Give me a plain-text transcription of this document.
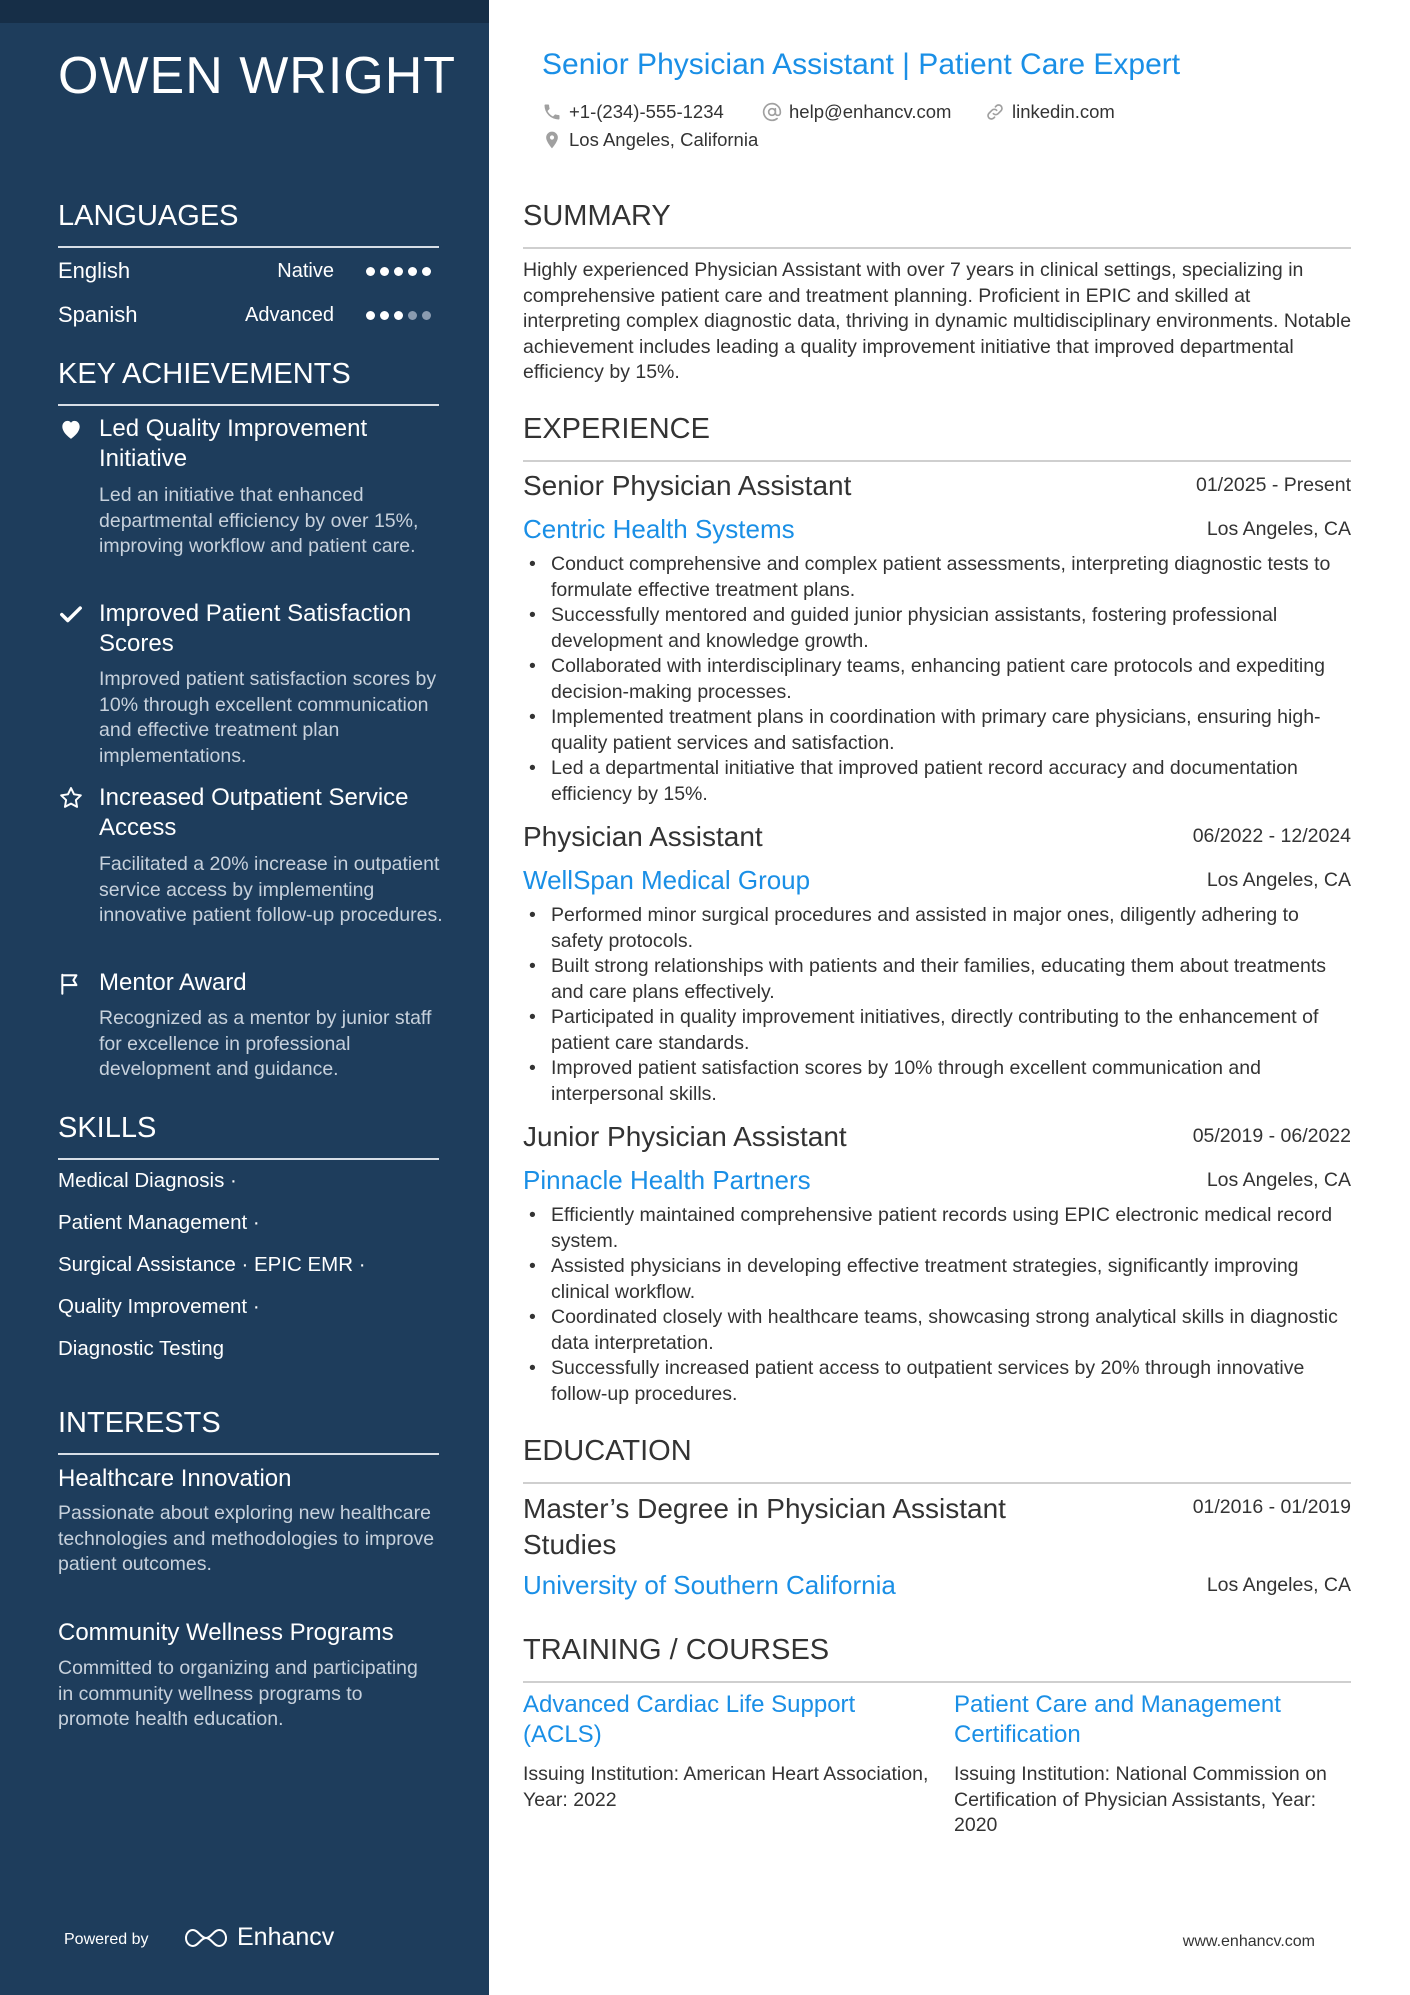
OWEN WRIGHT
LANGUAGES
English	Native
Spanish	Advanced
KEY ACHIEVEMENTS
Led Quality Improvement Initiative
Led an initiative that enhanced departmental efficiency by over 15%, improving workflow and patient care.
Improved Patient Satisfaction Scores
Improved patient satisfaction scores by 10% through excellent communication and effective treatment plan implementations.
Increased Outpatient Service Access
Facilitated a 20% increase in outpatient service access by implementing innovative patient follow-up procedures.
Mentor Award
Recognized as a mentor by junior staff for excellence in professional development and guidance.
SKILLS
Medical Diagnosis ·
Patient Management ·
Surgical Assistance · EPIC EMR ·
Quality Improvement ·
Diagnostic Testing
INTERESTS
Healthcare Innovation
Passionate about exploring new healthcare technologies and methodologies to improve patient outcomes.
Community Wellness Programs
Committed to organizing and participating in community wellness programs to promote health education.
Powered by	Enhancv
Senior Physician Assistant | Patient Care Expert
+1-(234)-555-1234	help@enhancv.com	linkedin.com
Los Angeles, California
SUMMARY
Highly experienced Physician Assistant with over 7 years in clinical settings, specializing in comprehensive patient care and treatment planning. Proficient in EPIC and skilled at interpreting complex diagnostic data, thriving in dynamic multidisciplinary environments. Notable achievement includes leading a quality improvement initiative that improved departmental efficiency by 15%.
EXPERIENCE
Senior Physician Assistant	01/2025 - Present
Centric Health Systems	Los Angeles, CA
• Conduct comprehensive and complex patient assessments, interpreting diagnostic tests to formulate effective treatment plans.
• Successfully mentored and guided junior physician assistants, fostering professional development and knowledge growth.
• Collaborated with interdisciplinary teams, enhancing patient care protocols and expediting decision-making processes.
• Implemented treatment plans in coordination with primary care physicians, ensuring high-quality patient services and satisfaction.
• Led a departmental initiative that improved patient record accuracy and documentation efficiency by 15%.
Physician Assistant	06/2022 - 12/2024
WellSpan Medical Group	Los Angeles, CA
• Performed minor surgical procedures and assisted in major ones, diligently adhering to safety protocols.
• Built strong relationships with patients and their families, educating them about treatments and care plans effectively.
• Participated in quality improvement initiatives, directly contributing to the enhancement of patient care standards.
• Improved patient satisfaction scores by 10% through excellent communication and interpersonal skills.
Junior Physician Assistant	05/2019 - 06/2022
Pinnacle Health Partners	Los Angeles, CA
• Efficiently maintained comprehensive patient records using EPIC electronic medical record system.
• Assisted physicians in developing effective treatment strategies, significantly improving clinical workflow.
• Coordinated closely with healthcare teams, showcasing strong analytical skills in diagnostic data interpretation.
• Successfully increased patient access to outpatient services by 20% through innovative follow-up procedures.
EDUCATION
Master’s Degree in Physician Assistant Studies
01/2016 - 01/2019
University of Southern California	Los Angeles, CA
TRAINING / COURSES
Advanced Cardiac Life Support (ACLS)
Issuing Institution: American Heart Association, Year: 2022
Patient Care and Management Certification
Issuing Institution: National Commission on Certification of Physician Assistants, Year: 2020
www.enhancv.com
